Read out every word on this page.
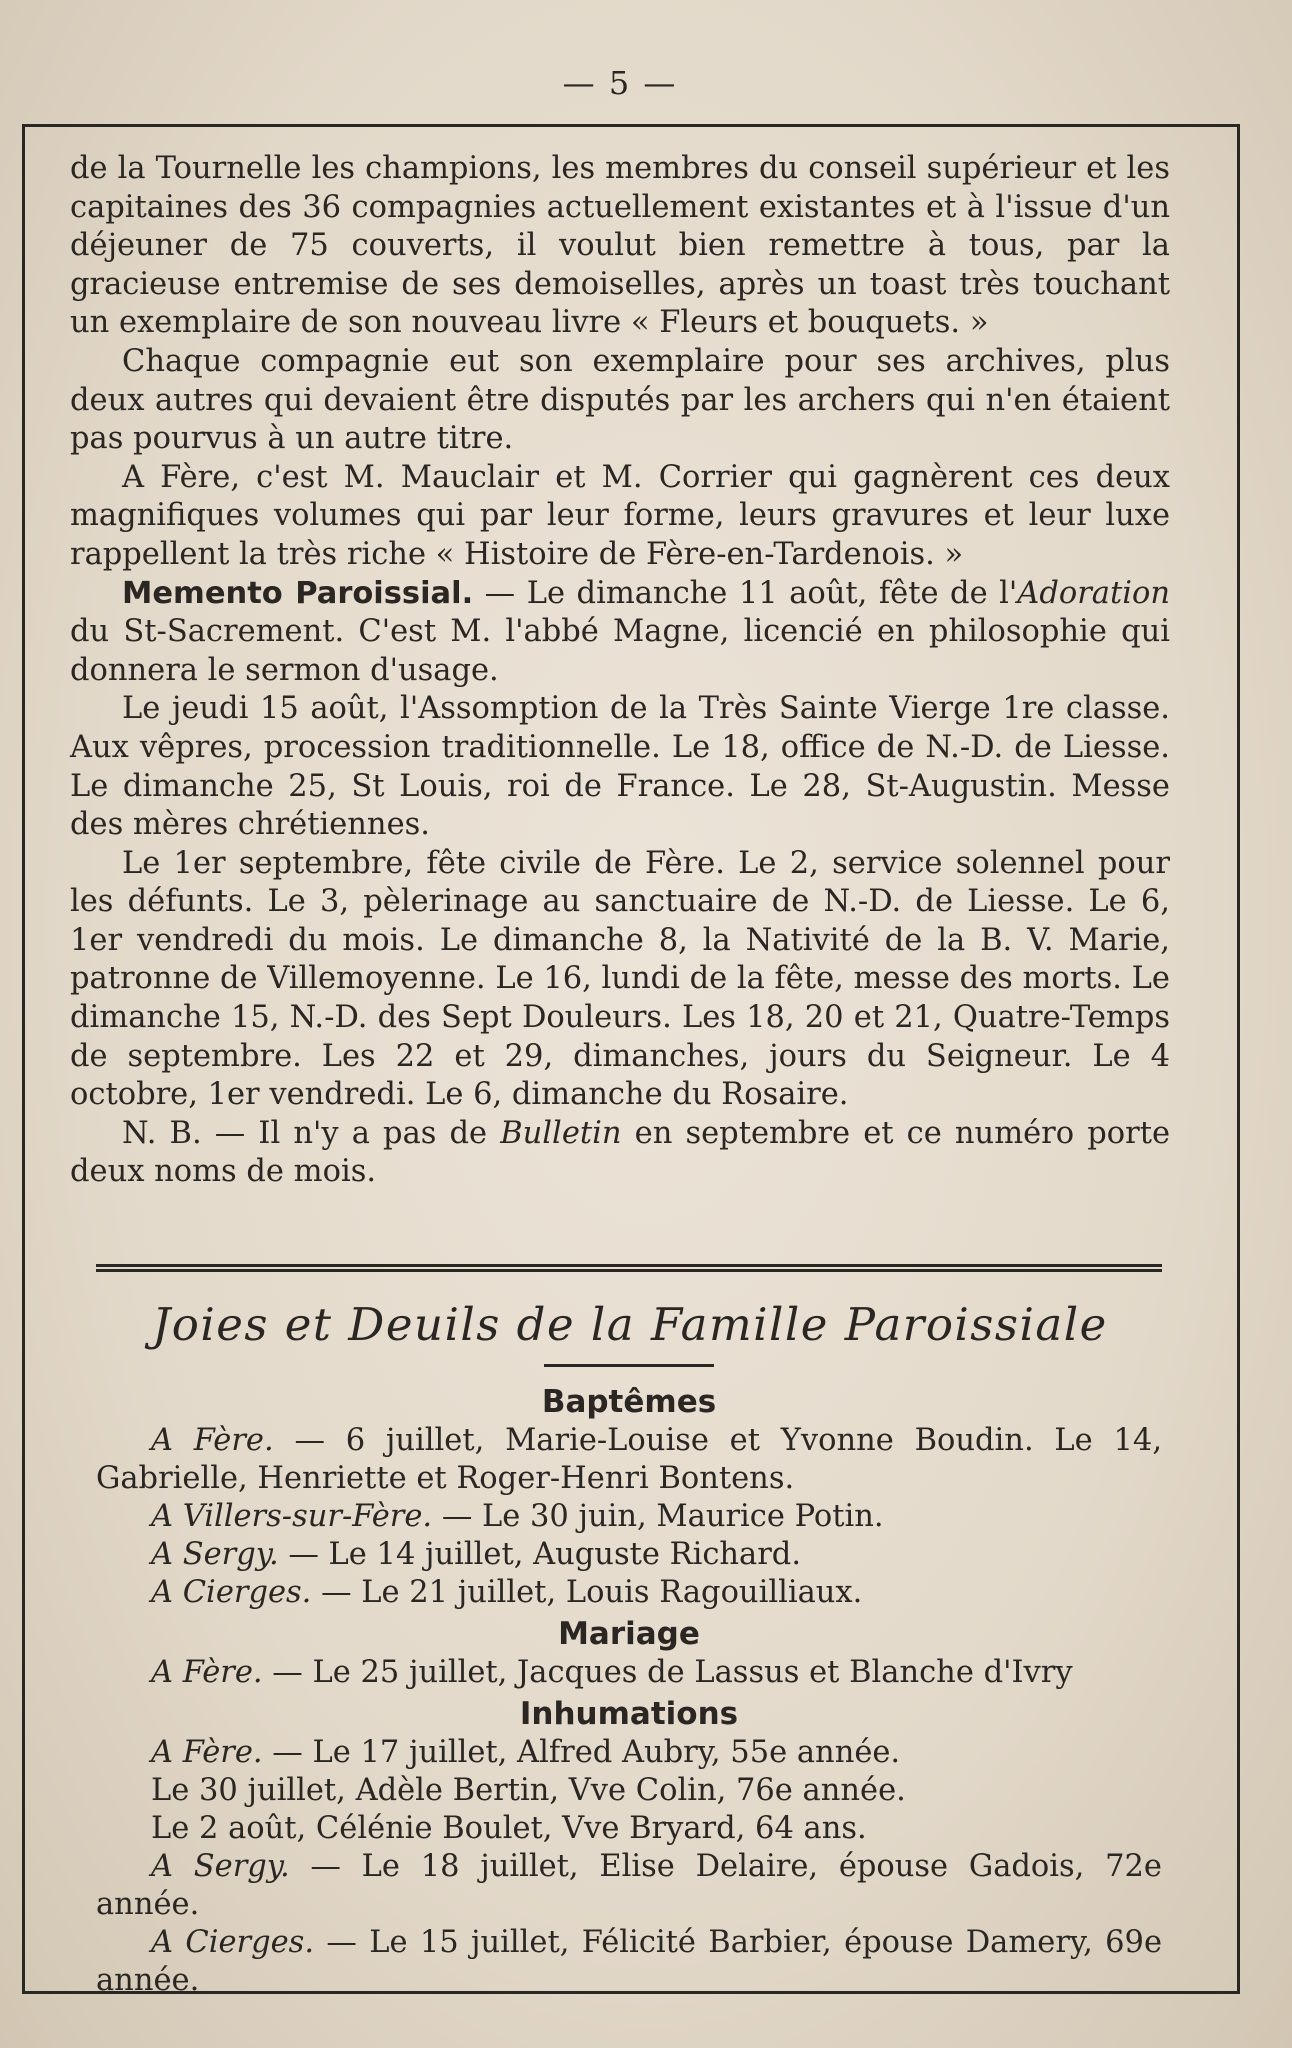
— 5 —

de la Tournelle les champions, les membres du conseil supérieur et les capitaines des 36 compagnies actuellement existantes et à l'issue d'un déjeuner de 75 couverts, il voulut bien remettre à tous, par la gracieuse entremise de ses demoiselles, après un toast très touchant un exemplaire de son nouveau livre « Fleurs et bouquets. »

Chaque compagnie eut son exemplaire pour ses archives, plus deux autres qui devaient être disputés par les archers qui n'en étaient pas pourvus à un autre titre.

A Fère, c'est M. Mauclair et M. Corrier qui gagnèrent ces deux magnifiques volumes qui par leur forme, leurs gravures et leur luxe rappellent la très riche « Histoire de Fère-en-Tardenois. »

Memento Paroissial. — Le dimanche 11 août, fête de l'Adoration du St-Sacrement. C'est M. l'abbé Magne, licencié en philosophie qui donnera le sermon d'usage.

Le jeudi 15 août, l'Assomption de la Très Sainte Vierge 1re classe. Aux vêpres, procession traditionnelle. Le 18, office de N.-D. de Liesse. Le dimanche 25, St Louis, roi de France. Le 28, St-Augustin. Messe des mères chrétiennes.

Le 1er septembre, fête civile de Fère. Le 2, service solennel pour les défunts. Le 3, pèlerinage au sanctuaire de N.-D. de Liesse. Le 6, 1er vendredi du mois. Le dimanche 8, la Nativité de la B. V. Marie, patronne de Villemoyenne. Le 16, lundi de la fête, messe des morts. Le dimanche 15, N.-D. des Sept Douleurs. Les 18, 20 et 21, Quatre-Temps de septembre. Les 22 et 29, dimanches, jours du Seigneur. Le 4 octobre, 1er vendredi. Le 6, dimanche du Rosaire.

N. B. — Il n'y a pas de Bulletin en septembre et ce numéro porte deux noms de mois.

Joies et Deuils de la Famille Paroissiale
Baptêmes

A Fère. — 6 juillet, Marie-Louise et Yvonne Boudin. Le 14, Gabrielle, Henriette et Roger-Henri Bontens.

A Villers-sur-Fère. — Le 30 juin, Maurice Potin.

A Sergy. — Le 14 juillet, Auguste Richard.

A Cierges. — Le 21 juillet, Louis Ragouilliaux.

Mariage

A Fère. — Le 25 juillet, Jacques de Lassus et Blanche d'Ivry

Inhumations

A Fère. — Le 17 juillet, Alfred Aubry, 55e année.

Le 30 juillet, Adèle Bertin, Vve Colin, 76e année.

Le 2 août, Célénie Boulet, Vve Bryard, 64 ans.

A Sergy. — Le 18 juillet, Elise Delaire, épouse Gadois, 72e année.

A Cierges. — Le 15 juillet, Félicité Barbier, épouse Damery, 69e année.
